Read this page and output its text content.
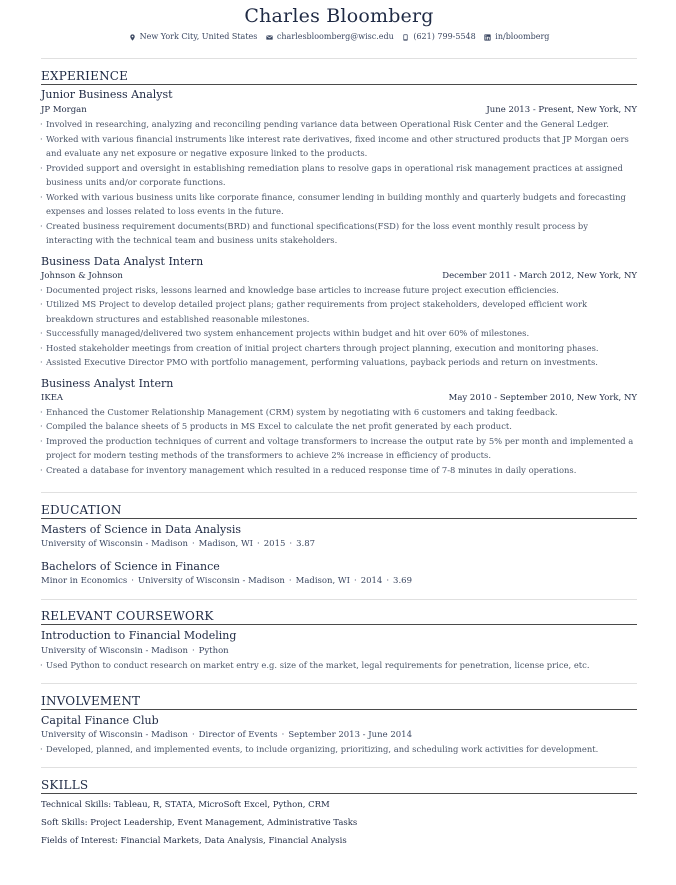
Charles Bloomberg
New York City, United States
charlesbloomberg@wisc.edu
(621) 799-5548
in/bloomberg
EXPERIENCE
Junior Business Analyst
JP Morgan	June 2013 - Present, New York, NY
· Involved in researching, analyzing and reconciling pending variance data between Operational Risk Center and the General Ledger.
· Worked with various financial instruments like interest rate derivatives, fixed income and other structured products that JP Morgan oers and evaluate any net exposure or negative exposure linked to the products.
· Provided support and oversight in establishing remediation plans to resolve gaps in operational risk management practices at assigned business units and/or corporate functions.
· Worked with various business units like corporate finance, consumer lending in building monthly and quarterly budgets and forecasting expenses and losses related to loss events in the future.
· Created business requirement documents(BRD) and functional specifications(FSD) for the loss event monthly result process by interacting with the technical team and business units stakeholders.
Business Data Analyst Intern
Johnson & Johnson	December 2011 - March 2012, New York, NY
· Documented project risks, lessons learned and knowledge base articles to increase future project execution efficiencies.
· Utilized MS Project to develop detailed project plans; gather requirements from project stakeholders, developed efficient work breakdown structures and established reasonable milestones.
· Successfully managed/delivered two system enhancement projects within budget and hit over 60% of milestones.
· Hosted stakeholder meetings from creation of initial project charters through project planning, execution and monitoring phases.
· Assisted Executive Director PMO with portfolio management, performing valuations, payback periods and return on investments.
Business Analyst Intern
IKEA	May 2010 - September 2010, New York, NY
· Enhanced the Customer Relationship Management (CRM) system by negotiating with 6 customers and taking feedback.
· Compiled the balance sheets of 5 products in MS Excel to calculate the net profit generated by each product.
· Improved the production techniques of current and voltage transformers to increase the output rate by 5% per month and implemented a project for modern testing methods of the transformers to achieve 2% increase in efficiency of products.
· Created a database for inventory management which resulted in a reduced response time of 7-8 minutes in daily operations.
EDUCATION
Masters of Science in Data Analysis
University of Wisconsin - Madison · Madison, WI · 2015 · 3.87
Bachelors of Science in Finance
Minor in Economics · University of Wisconsin - Madison · Madison, WI · 2014 · 3.69
RELEVANT COURSEWORK
Introduction to Financial Modeling
University of Wisconsin - Madison · Python
· Used Python to conduct research on market entry e.g. size of the market, legal requirements for penetration, license price, etc.
INVOLVEMENT
Capital Finance Club
University of Wisconsin - Madison · Director of Events · September 2013 - June 2014
· Developed, planned, and implemented events, to include organizing, prioritizing, and scheduling work activities for development.
SKILLS
Technical Skills: Tableau, R, STATA, MicroSoft Excel, Python, CRM
Soft Skills: Project Leadership, Event Management, Administrative Tasks
Fields of Interest: Financial Markets, Data Analysis, Financial Analysis
